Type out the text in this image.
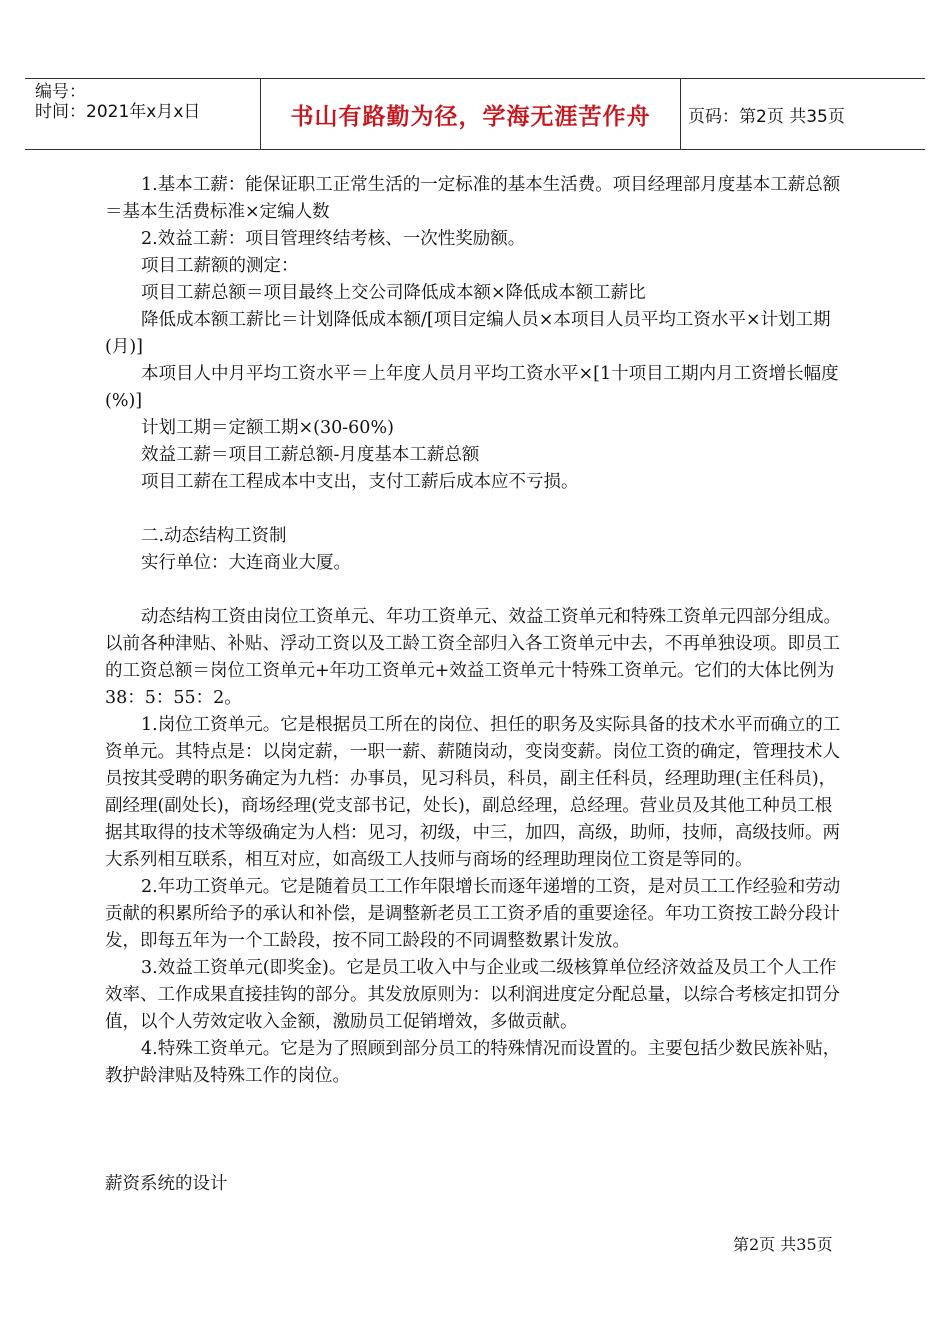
编号：
时间：2021年x月x日	书山有路勤为径，学海无涯苦作舟	页码：第2页 共35页

1.基本工薪：能保证职工正常生活的一定标准的基本生活费。项目经理部月度基本工薪总额＝基本生活费标准×定编人数

2.效益工薪：项目管理终结考核、一次性奖励额。

项目工薪额的测定：

项目工薪总额＝项目最终上交公司降低成本额×降低成本额工薪比

降低成本额工薪比＝计划降低成本额/[项目定编人员×本项目人员平均工资水平×计划工期(月)]

本项目人中月平均工资水平＝上年度人员月平均工资水平×[1十项目工期内月工资增长幅度(%)]

计划工期＝定额工期×(30-60%)

效益工薪＝项目工薪总额-月度基本工薪总额

项目工薪在工程成本中支出，支付工薪后成本应不亏损。

二.动态结构工资制

实行单位：大连商业大厦。

动态结构工资由岗位工资单元、年功工资单元、效益工资单元和特殊工资单元四部分组成。以前各种津贴、补贴、浮动工资以及工龄工资全部归入各工资单元中去，不再单独设项。即员工的工资总额＝岗位工资单元+年功工资单元+效益工资单元十特殊工资单元。它们的大体比例为38：5：55：2。

1.岗位工资单元。它是根据员工所在的岗位、担任的职务及实际具备的技术水平而确立的工资单元。其特点是：以岗定薪，一职一薪、薪随岗动，变岗变薪。岗位工资的确定，管理技术人员按其受聘的职务确定为九档：办事员，见习科员，科员，副主任科员，经理助理(主任科员)，副经理(副处长)，商场经理(党支部书记，处长)，副总经理，总经理。营业员及其他工种员工根据其取得的技术等级确定为人档：见习，初级，中三，加四，高级，助师，技师，高级技师。两大系列相互联系，相互对应，如高级工人技师与商场的经理助理岗位工资是等同的。

2.年功工资单元。它是随着员工工作年限增长而逐年递增的工资，是对员工工作经验和劳动贡献的积累所给予的承认和补偿，是调整新老员工工资矛盾的重要途径。年功工资按工龄分段计发，即每五年为一个工龄段，按不同工龄段的不同调整数累计发放。

3.效益工资单元(即奖金)。它是员工收入中与企业或二级核算单位经济效益及员工个人工作效率、工作成果直接挂钩的部分。其发放原则为：以利润进度定分配总量，以综合考核定扣罚分值，以个人劳效定收入金额，激励员工促销增效，多做贡献。

4.特殊工资单元。它是为了照顾到部分员工的特殊情况而设置的。主要包括少数民族补贴，教护龄津贴及特殊工作的岗位。

薪资系统的设计

第2页 共35页
